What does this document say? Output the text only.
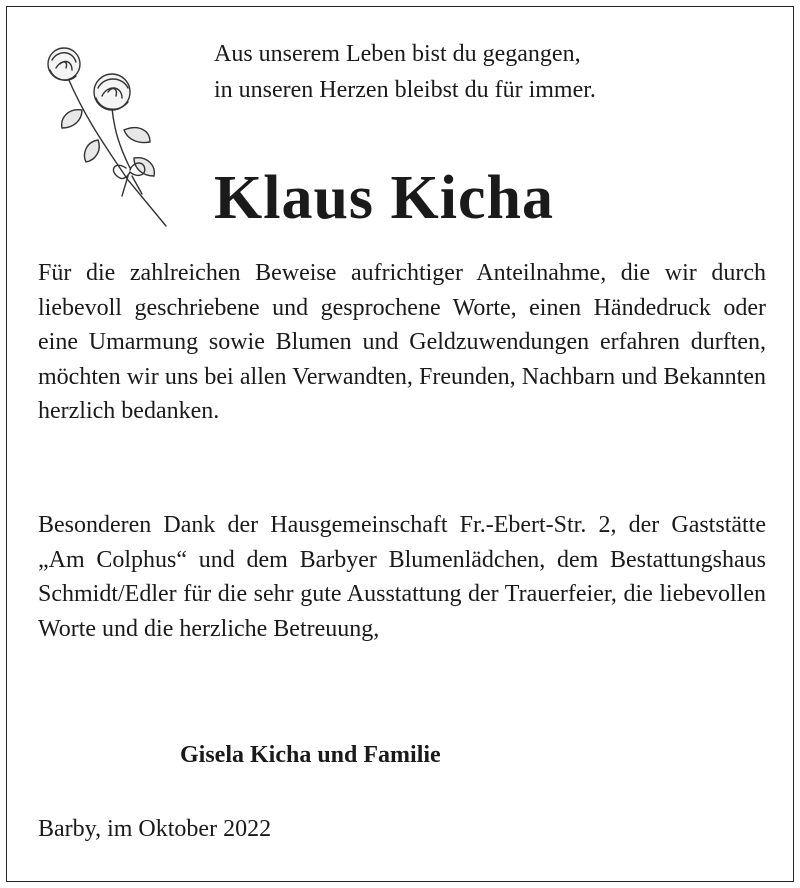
Aus unserem Leben bist du gegangen,
in unseren Herzen bleibst du für immer.
Klaus Kicha

Für die zahlreichen Beweise aufrichtiger Anteilnahme, die wir durch liebevoll geschriebene und gesprochene Worte, einen Händedruck oder eine Umarmung sowie Blumen und Geldzuwendungen erfahren durften, möchten wir uns bei allen Verwandten, Freunden, Nachbarn und Bekannten herzlich bedanken.

Besonderen Dank der Hausgemeinschaft Fr.-Ebert-Str. 2, der Gaststätte „Am Colphus“ und dem Barbyer Blumenlädchen, dem Bestattungshaus Schmidt/Edler für die sehr gute Ausstattung der Trauerfeier, die liebevollen Worte und die herzliche Betreuung,

Gisela Kicha und Familie
Barby, im Oktober 2022
